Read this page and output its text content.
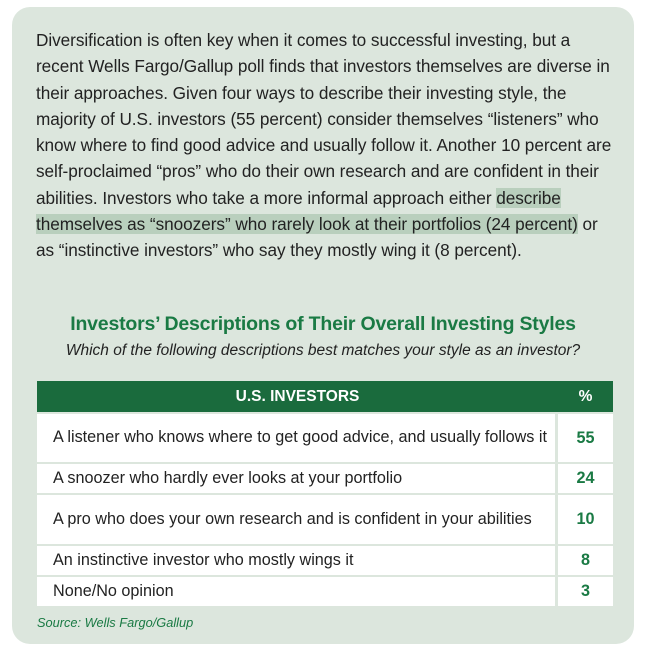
Diversification is often key when it comes to successful investing, but a recent Wells Fargo/Gallup poll finds that investors themselves are diverse in their approaches. Given four ways to describe their investing style, the majority of U.S. investors (55 percent) consider themselves “listeners” who know where to find good advice and usually follow it. Another 10 percent are self-proclaimed “pros” who do their own research and are confident in their abilities. Investors who take a more informal approach either describe themselves as “snoozers” who rarely look at their portfolios (24 percent) or as “instinctive investors” who say they mostly wing it (8 percent).

Investors’ Descriptions of Their Overall Investing Styles

Which of the following descriptions best matches your style as an investor?

U.S. INVESTORS	%
A listener who knows where to get good advice, and usually follows it	55
A snoozer who hardly ever looks at your portfolio	24
A pro who does your own research and is confident in your abilities	10
An instinctive investor who mostly wings it	8
None/No opinion	3

Source: Wells Fargo/Gallup
